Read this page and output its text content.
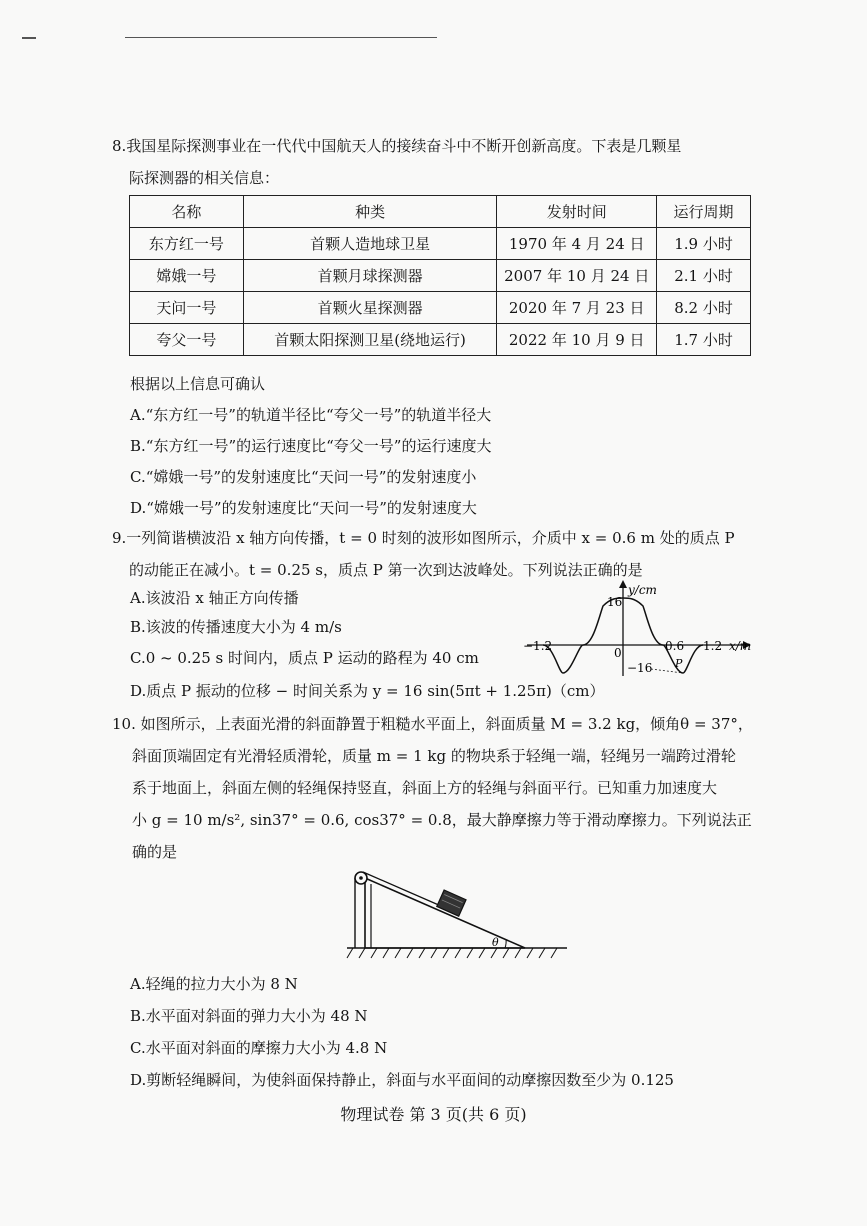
8.我国星际探测事业在一代代中国航天人的接续奋斗中不断开创新高度。下表是几颗星
际探测器的相关信息：
名称	种类	发射时间	运行周期
东方红一号	首颗人造地球卫星	1970 年 4 月 24 日	1.9 小时
嫦娥一号	首颗月球探测器	2007 年 10 月 24 日	2.1 小时
天问一号	首颗火星探测器	2020 年 7 月 23 日	8.2 小时
夸父一号	首颗太阳探测卫星(绕地运行)	2022 年 10 月 9 日	1.7 小时
根据以上信息可确认
A.“东方红一号”的轨道半径比“夸父一号”的轨道半径大
B.“东方红一号”的运行速度比“夸父一号”的运行速度大
C.“嫦娥一号”的发射速度比“天问一号”的发射速度小
D.“嫦娥一号”的发射速度比“天问一号”的发射速度大
9.一列简谐横波沿 x 轴方向传播，t = 0 时刻的波形如图所示，介质中 x = 0.6 m 处的质点 P
的动能正在减小。t = 0.25 s，质点 P 第一次到达波峰处。下列说法正确的是
A.该波沿 x 轴正方向传播
B.该波的传播速度大小为 4 m/s
C.0 ~ 0.25 s 时间内，质点 P 运动的路程为 40 cm
D.质点 P 振动的位移 − 时间关系为 y = 16 sin(5πt + 1.25π)（cm）
y/cm
16
0
−1.2	0.6 1.2 x/m
−16 P
10. 如图所示，上表面光滑的斜面静置于粗糙水平面上，斜面质量 M = 3.2 kg，倾角θ = 37°，
斜面顶端固定有光滑轻质滑轮，质量 m = 1 kg 的物块系于轻绳一端，轻绳另一端跨过滑轮
系于地面上，斜面左侧的轻绳保持竖直，斜面上方的轻绳与斜面平行。已知重力加速度大
小 g = 10 m/s², sin37° = 0.6, cos37° = 0.8，最大静摩擦力等于滑动摩擦力。下列说法正
确的是
θ
A.轻绳的拉力大小为 8 N
B.水平面对斜面的弹力大小为 48 N
C.水平面对斜面的摩擦力大小为 4.8 N
D.剪断轻绳瞬间，为使斜面保持静止，斜面与水平面间的动摩擦因数至少为 0.125
物理试卷 第 3 页(共 6 页)
